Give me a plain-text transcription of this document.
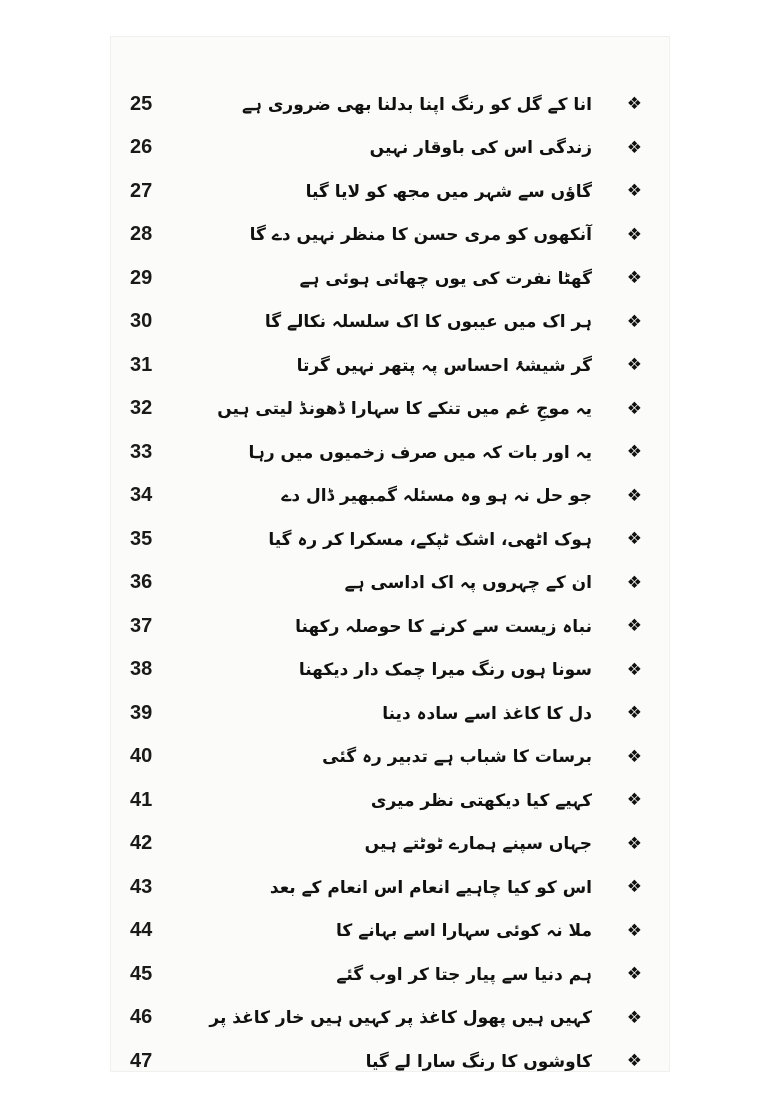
25	انا کے گل کو رنگ اپنا بدلنا بھی ضروری ہے ❖
26	زندگی اس کی باوقار نہیں ❖
27	گاؤں سے شہر میں مجھ کو لایا گیا ❖
28	آنکھوں کو مری حسن کا منظر نہیں دے گا ❖
29	گھٹا نفرت کی یوں چھائی ہوئی ہے ❖
30	ہر اک میں عیبوں کا اک سلسلہ نکالے گا ❖
31	گر شیشۂ احساس پہ پتھر نہیں گرتا ❖
32	یہ موجِ غم میں تنکے کا سہارا ڈھونڈ لیتی ہیں ❖
33	یہ اور بات کہ میں صرف زخمیوں میں رہا ❖
34	جو حل نہ ہو وہ مسئلہ گمبھیر ڈال دے ❖
35	ہوک اٹھی، اشک ٹپکے، مسکرا کر رہ گیا ❖
36	ان کے چہروں پہ اک اداسی ہے ❖
37	نباہ زیست سے کرنے کا حوصلہ رکھنا ❖
38	سونا ہوں رنگ میرا چمک دار دیکھنا ❖
39	دل کا کاغذ اسے سادہ دینا ❖
40	برسات کا شباب ہے تدبیر رہ گئی ❖
41	کہیے کیا دیکھتی نظر میری ❖
42	جہاں سپنے ہمارے ٹوٹتے ہیں ❖
43	اس کو کیا چاہیے انعام اس انعام کے بعد ❖
44	ملا نہ کوئی سہارا اسے بہانے کا ❖
45	ہم دنیا سے پیار جتا کر اوب گئے ❖
46	کہیں ہیں پھول کاغذ پر کہیں ہیں خار کاغذ پر ❖
47	کاوشوں کا رنگ سارا لے گیا ❖
